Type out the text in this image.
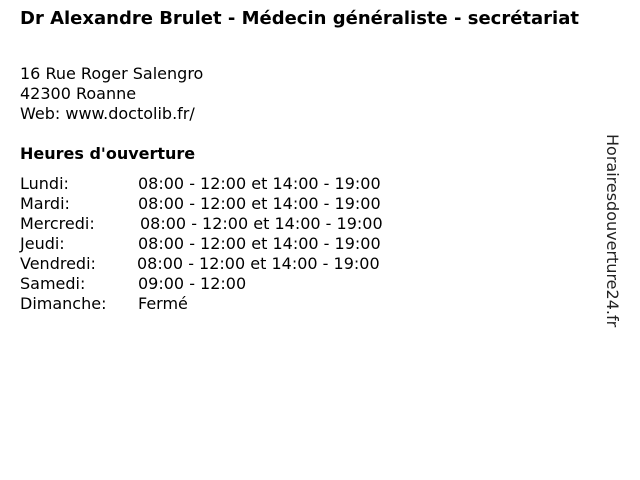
Dr Alexandre Brulet - Médecin généraliste - secrétariat
16 Rue Roger Salengro
42300 Roanne
Web: www.doctolib.fr/
Heures d'ouverture
Lundi:	08:00 - 12:00 et 14:00 - 19:00
Mardi:	08:00 - 12:00 et 14:00 - 19:00
Mercredi:	08:00 - 12:00 et 14:00 - 19:00
Jeudi:	08:00 - 12:00 et 14:00 - 19:00
Vendredi:	08:00 - 12:00 et 14:00 - 19:00
Samedi:	09:00 - 12:00
Dimanche: Fermé	Horairesdouverture24.fr
